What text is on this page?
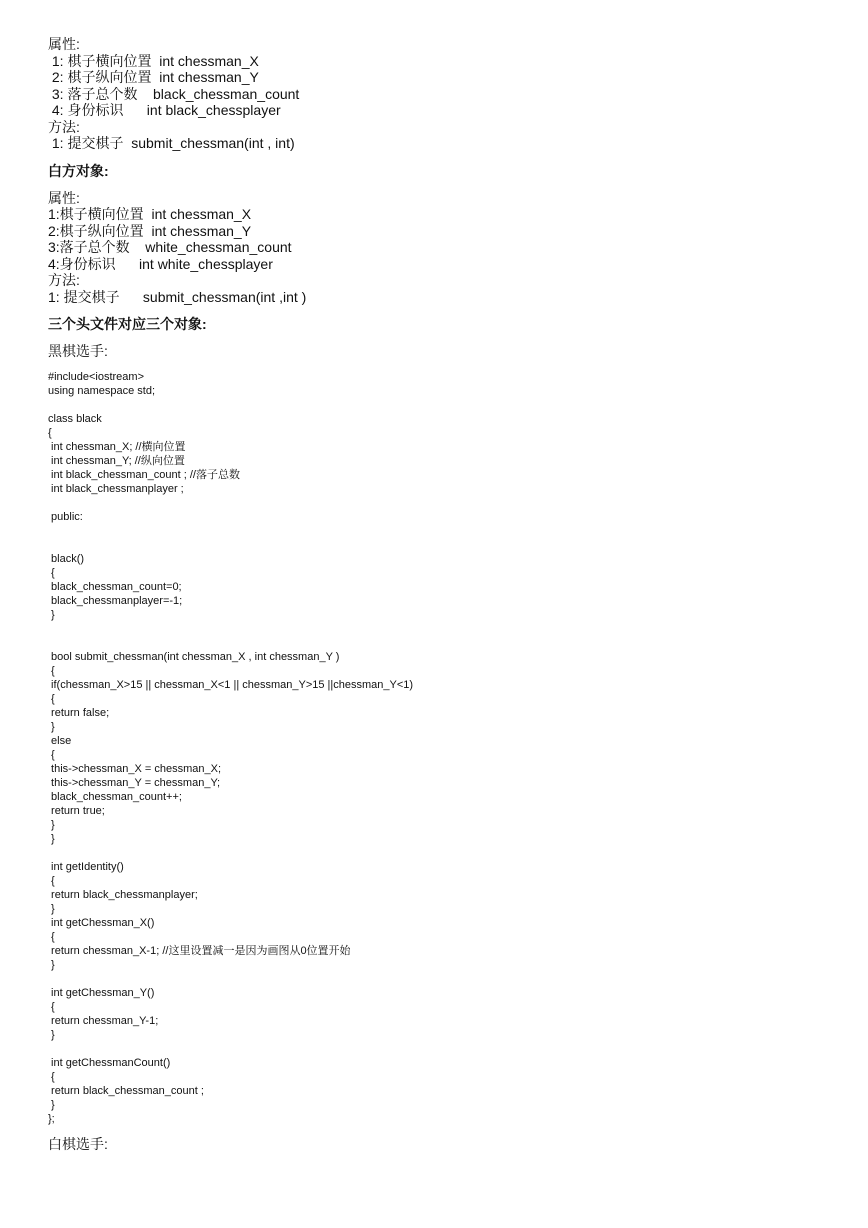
属性:
1: 棋子横向位置  int chessman_X
2: 棋子纵向位置  int chessman_Y
3: 落子总个数    black_chessman_count
4: 身份标识      int black_chessplayer
方法:
1: 提交棋子  submit_chessman(int , int)
白方对象:
属性:
1:棋子横向位置  int chessman_X
2:棋子纵向位置  int chessman_Y
3:落子总个数    white_chessman_count
4:身份标识      int white_chessplayer
方法:
1: 提交棋子      submit_chessman(int ,int )
三个头文件对应三个对象:
黑棋选手:
#include<iostream>
using namespace std;
class black
{
int chessman_X; //横向位置
int chessman_Y; //纵向位置
int black_chessman_count ; //落子总数
int black_chessmanplayer ;
public:
black()
{
black_chessman_count=0;
black_chessmanplayer=-1;
}
bool submit_chessman(int chessman_X , int chessman_Y )
{
if(chessman_X>15 || chessman_X<1 || chessman_Y>15 ||chessman_Y<1)
{
return false;
}
else
{
this->chessman_X = chessman_X;
this->chessman_Y = chessman_Y;
black_chessman_count++;
return true;
}
}
int getIdentity()
{
return black_chessmanplayer;
}
int getChessman_X()
{
return chessman_X-1; //这里设置减一是因为画图从0位置开始
}
int getChessman_Y()
{
return chessman_Y-1;
}
int getChessmanCount()
{
return black_chessman_count ;
}
};
白棋选手:
